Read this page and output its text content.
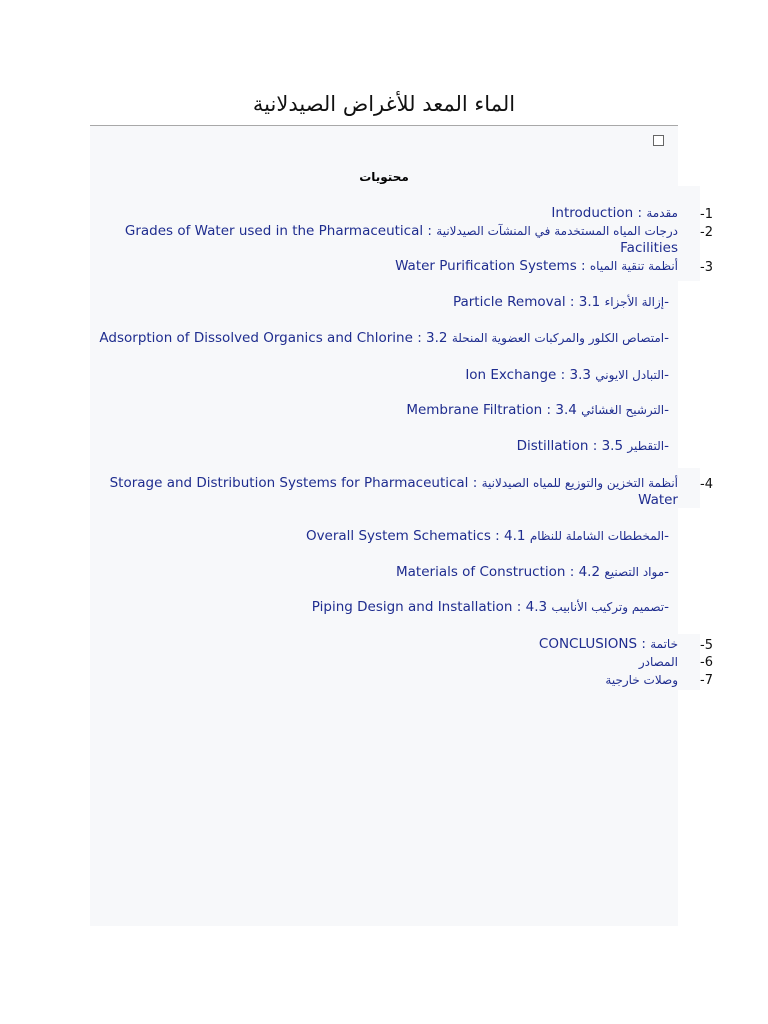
الماء المعد للأغراض الصيدلانية
محتويات
Introduction : مقدمة -1
Grades of Water used in the Pharmaceutical : درجات المياه المستخدمة في المنشآت الصيدلانية
Facilities
-2
Water Purification Systems : أنظمة تنقية المياه -3
Particle Removal : إزالة الأجزاء 3.1-
Adsorption of Dissolved Organics and Chlorine : امتصاص الكلور والمركبات العضوية المنحلة 3.2-
Ion Exchange : التبادل الايوني 3.3-
Membrane Filtration : الترشيح الغشائي 3.4-
Distillation : التقطير 3.5-
Storage and Distribution Systems for Pharmaceutical : أنظمة التخزين والتوزيع للمياه الصيدلانية
Water
-4
Overall System Schematics : المخططات الشاملة للنظام 4.1-
Materials of Construction : مواد التصنيع 4.2-
Piping Design and Installation : تصميم وتركيب الأنابيب 4.3-
CONCLUSIONS : خاتمة -5
المصادر -6
وصلات خارجية -7
